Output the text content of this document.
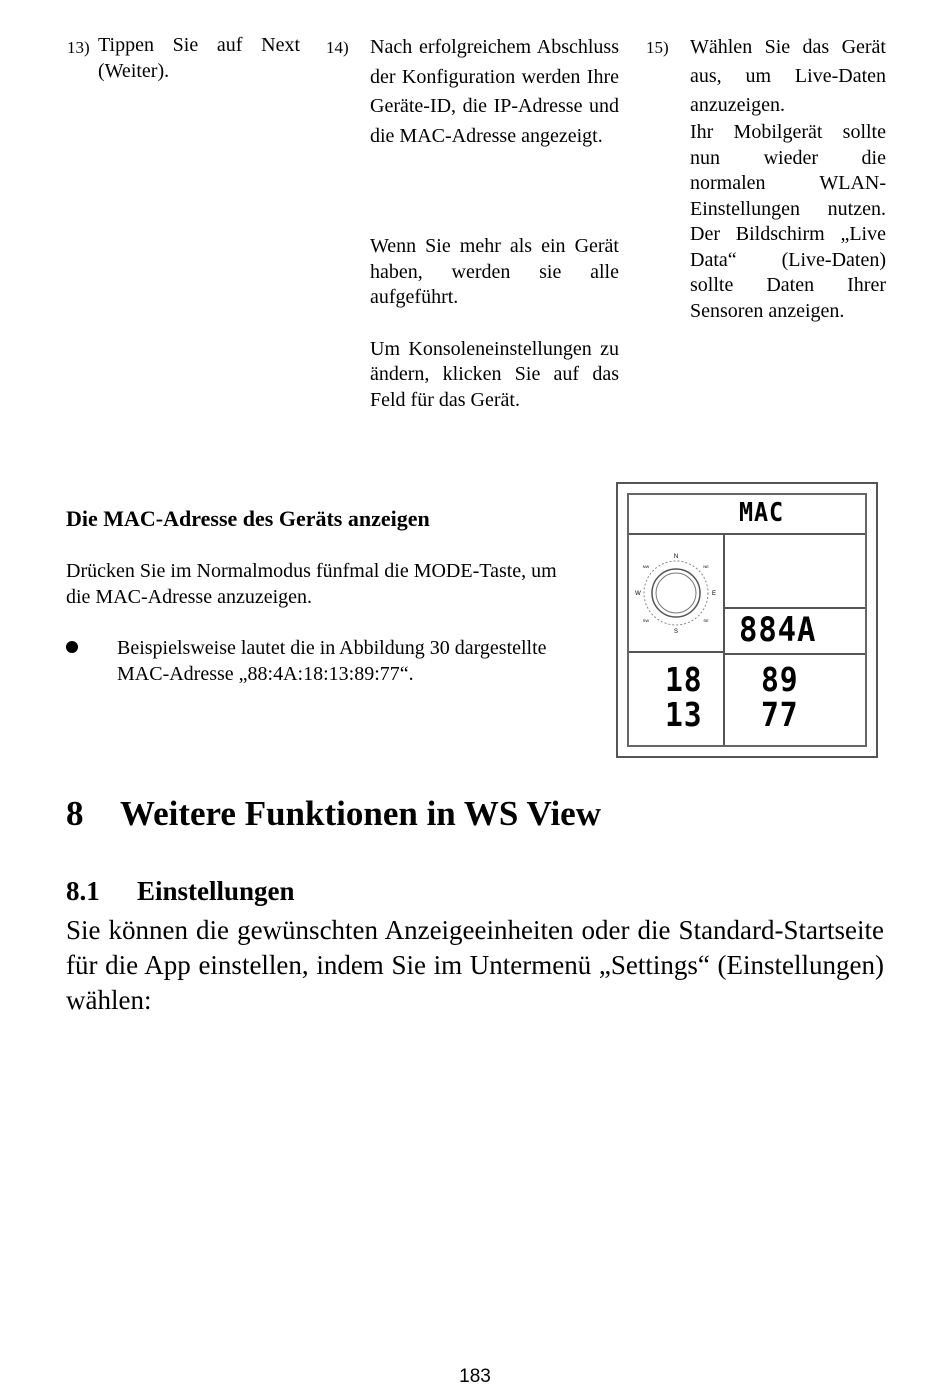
13) Tippen Sie auf Next (Weiter).

14) Nach erfolgreichem Abschluss der Konfiguration werden Ihre Geräte-ID, die IP-Adresse und die MAC-Adresse angezeigt.

Wenn Sie mehr als ein Gerät haben, werden sie alle aufgeführt.

Um Konsoleneinstellungen zu ändern, klicken Sie auf das Feld für das Gerät.

15) Wählen Sie das Gerät aus, um Live-Daten anzuzeigen.

Ihr Mobilgerät sollte nun wieder die normalen WLAN-Einstellungen nutzen. Der Bildschirm „Live Data“ (Live-Daten) sollte Daten Ihrer Sensoren anzeigen.

Die MAC-Adresse des Geräts anzeigen
Drücken Sie im Normalmodus fünfmal die MODE-Taste, um die MAC-Adresse anzuzeigen.
Beispielsweise lautet die in Abbildung 30 dargestellte MAC-Adresse „88:4A:18:13:89:77“.
MAC
N
S
E
W
NW	NE
SW	SE 884A
18
13
89
77
8 Weitere Funktionen in WS View
8.1 Einstellungen
Sie können die gewünschten Anzeigeeinheiten oder die Standard-Startseite für die App einstellen, indem Sie im Untermenü „Settings“ (Einstellungen) wählen:
183
